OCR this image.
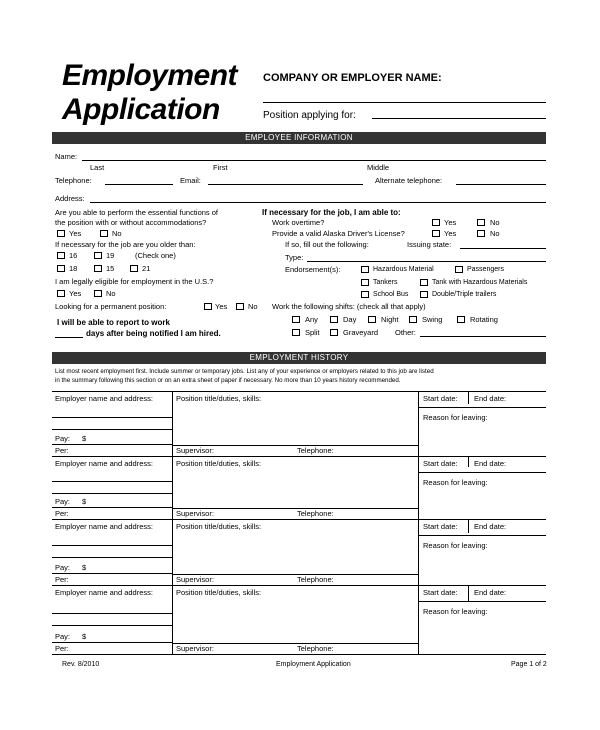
Employment
Application
COMPANY OR EMPLOYER NAME:
Position applying for:
EMPLOYEE INFORMATION
Name:
Last	First	Middle
Telephone:	Email:	Alternate telephone:
Address:
Are you able to perform the essential functions of
the position with or without accommodations?
Yes	No
If necessary for the job are you older than:
16	19	(Check one)
18	15	21
I am legally eligible for employment in the U.S.?
Yes	No
Looking for a permanent position:	Yes	No
I will be able to report to work
days after being notified I am hired.
If necessary for the job, I am able to:
Work overtime?	Yes	No
Provide a valid Alaska Driver's License?	Yes	No
If so, fill out the following:	Issuing state:
Type:
Endorsement(s):	Hazardous Material	Passengers
Tankers	Tank with Hazardous Materials
School Bus	Double/Triple trailers
Work the following shifts: (check all that apply)
Any	Day	Night	Swing	Rotating
Split	Graveyard Other:
EMPLOYMENT HISTORY
List most recent employment first. Include summer or temporary jobs. List any of your experience or employers related to this job are listed
in the summary following this section or on an extra sheet of paper if necessary. No more than 10 years history recommended.
Employer name and address:	Position title/duties, skills:	Start date: End date:
Reason for leaving:
Pay: $
Per:	Supervisor:	Telephone:
Employer name and address:	Position title/duties, skills:	Start date: End date:
Reason for leaving:
Pay: $
Per:	Supervisor:	Telephone:
Employer name and address:	Position title/duties, skills:	Start date: End date:
Reason for leaving:
Pay: $
Per:	Supervisor:	Telephone:
Employer name and address:	Position title/duties, skills:	Start date: End date:
Reason for leaving:
Pay: $
Per:	Supervisor:	Telephone:
Rev. 8/2010	Employment Application	Page 1 of 2
